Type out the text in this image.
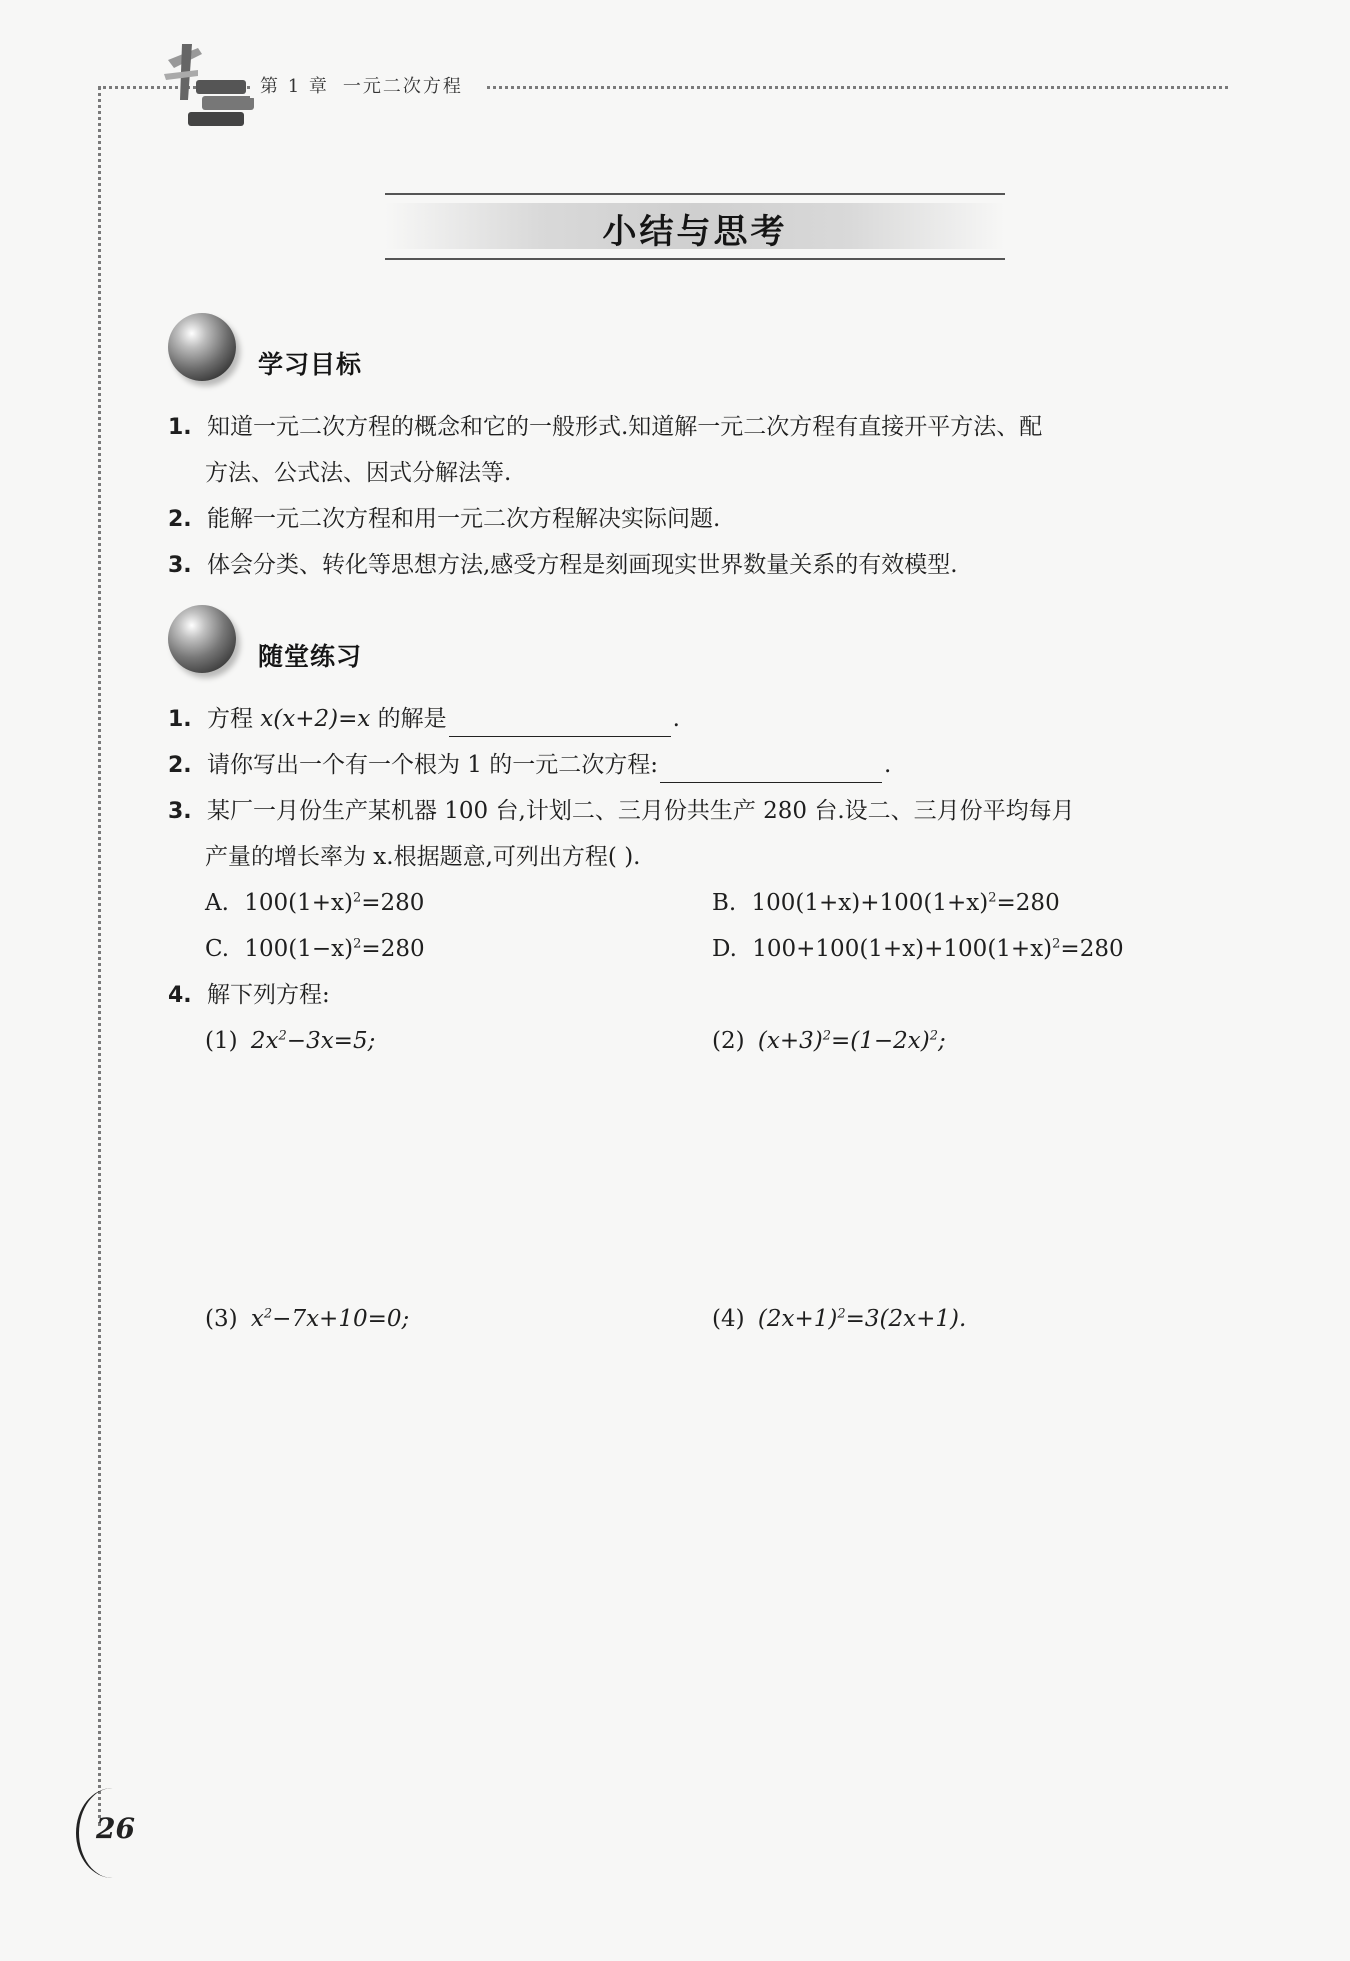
第 1 章 一元二次方程
小结与思考
学习目标
1. 知道一元二次方程的概念和它的一般形式.知道解一元二次方程有直接开平方法、配
方法、公式法、因式分解法等.
2. 能解一元二次方程和用一元二次方程解决实际问题.
3. 体会分类、转化等思想方法,感受方程是刻画现实世界数量关系的有效模型.
随堂练习
1. 方程 x(x+2)=x 的解是	.
2. 请你写出一个有一个根为 1 的一元二次方程:	.
3. 某厂一月份生产某机器 100 台,计划二、三月份共生产 280 台.设二、三月份平均每月
产量的增长率为 x.根据题意,可列出方程( ).
A. $100(1+x)^2=280$	B. $100(1+x)+100(1+x)^2=280$
C. $100(1-x)^2=280$	D. $100+100(1+x)+100(1+x)^2=280$
4. 解下列方程:
(1) $2x^2-3x=5$;	(2) $(x+3)^2=(1-2x)^2$;
(3) $x^2-7x+10=0$;	(4) $(2x+1)^2=3(2x+1)$.
26
